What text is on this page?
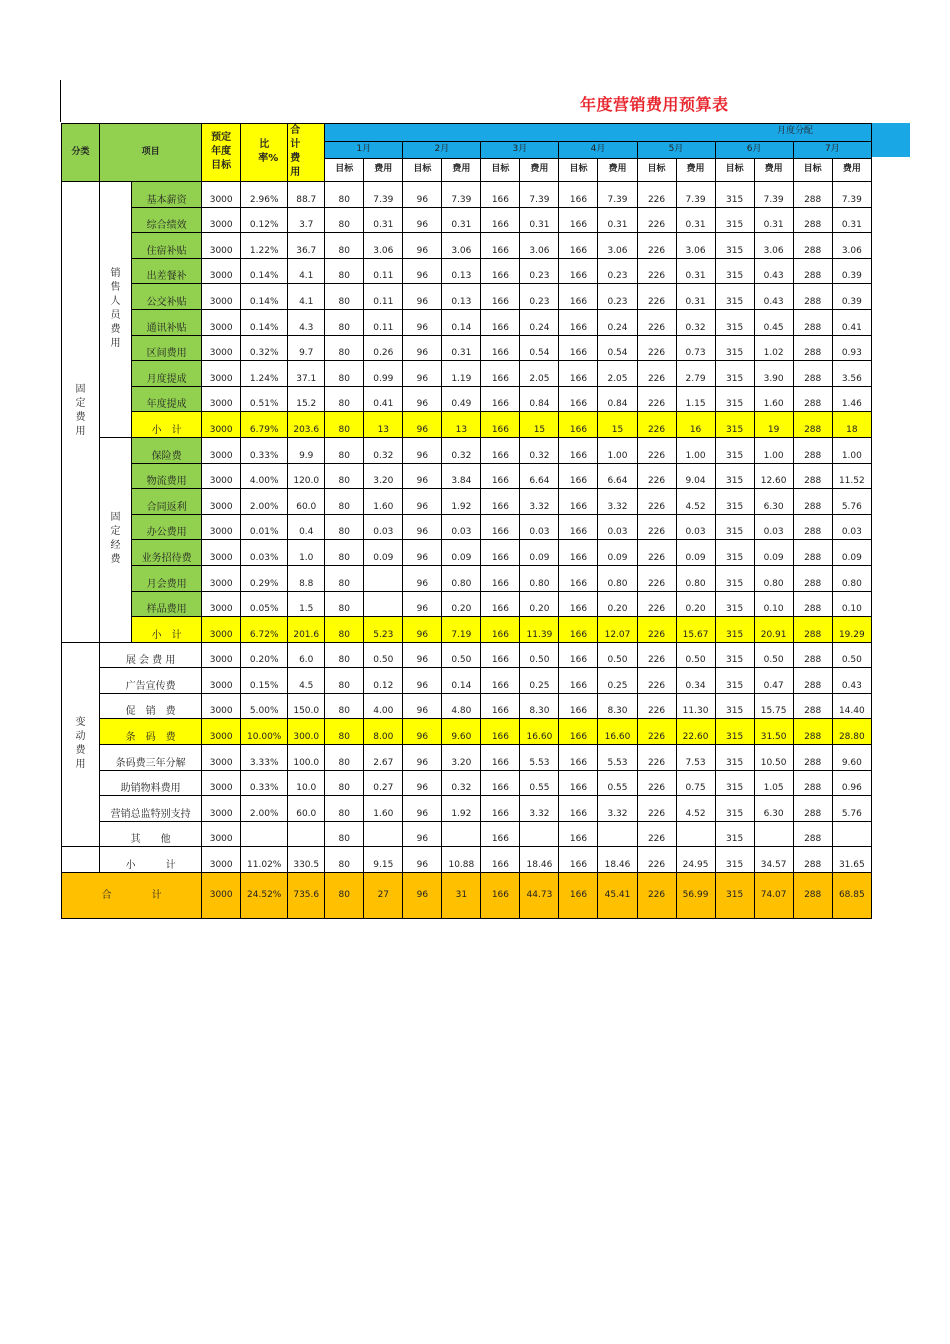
年度营销费用预算表
分类	项目		预定年度目标	比率%	合计费用	月度分配													
						1月		2月		3月		4月		5月		6月		7月	
						目标	费用	目标	费用	目标	费用	目标	费用	目标	费用	目标	费用	目标	费用

固定费用	销售人员费用	基本薪资	3000	2.96%	88.7	80	7.39	96	7.39	166	7.39	166	7.39	226	7.39	315	7.39	288	7.39
		综合绩效	3000	0.12%	3.7	80	0.31	96	0.31	166	0.31	166	0.31	226	0.31	315	0.31	288	0.31
		住宿补贴	3000	1.22%	36.7	80	3.06	96	3.06	166	3.06	166	3.06	226	3.06	315	3.06	288	3.06
		出差餐补	3000	0.14%	4.1	80	0.11	96	0.13	166	0.23	166	0.23	226	0.31	315	0.43	288	0.39
		公交补贴	3000	0.14%	4.1	80	0.11	96	0.13	166	0.23	166	0.23	226	0.31	315	0.43	288	0.39
		通讯补贴	3000	0.14%	4.3	80	0.11	96	0.14	166	0.24	166	0.24	226	0.32	315	0.45	288	0.41
		区间费用	3000	0.32%	9.7	80	0.26	96	0.31	166	0.54	166	0.54	226	0.73	315	1.02	288	0.93
		月度提成	3000	1.24%	37.1	80	0.99	96	1.19	166	2.05	166	2.05	226	2.79	315	3.90	288	3.56
		年度提成	3000	0.51%	15.2	80	0.41	96	0.49	166	0.84	166	0.84	226	1.15	315	1.60	288	1.46
		小　计	3000	6.79%	203.6	80	13	96	13	166	15	166	15	226	16	315	19	288	18

	固定经费	保险费	3000	0.33%	9.9	80	0.32	96	0.32	166	0.32	166	1.00	226	1.00	315	1.00	288	1.00
		物流费用	3000	4.00%	120.0	80	3.20	96	3.84	166	6.64	166	6.64	226	9.04	315	12.60	288	11.52
		合同返利	3000	2.00%	60.0	80	1.60	96	1.92	166	3.32	166	3.32	226	4.52	315	6.30	288	5.76
		办公费用	3000	0.01%	0.4	80	0.03	96	0.03	166	0.03	166	0.03	226	0.03	315	0.03	288	0.03
		业务招待费	3000	0.03%	1.0	80	0.09	96	0.09	166	0.09	166	0.09	226	0.09	315	0.09	288	0.09
		月会费用	3000	0.29%	8.8	80		96	0.80	166	0.80	166	0.80	226	0.80	315	0.80	288	0.80
		样品费用	3000	0.05%	1.5	80		96	0.20	166	0.20	166	0.20	226	0.20	315	0.10	288	0.10
		小　计	3000	6.72%	201.6	80	5.23	96	7.19	166	11.39	166	12.07	226	15.67	315	20.91	288	19.29

变动费用	展 会 费 用		3000	0.20%	6.0	80	0.50	96	0.50	166	0.50	166	0.50	226	0.50	315	0.50	288	0.50
	广告宣传费		3000	0.15%	4.5	80	0.12	96	0.14	166	0.25	166	0.25	226	0.34	315	0.47	288	0.43
	促　销　费		3000	5.00%	150.0	80	4.00	96	4.80	166	8.30	166	8.30	226	11.30	315	15.75	288	14.40
	条　码　费		3000	10.00%	300.0	80	8.00	96	9.60	166	16.60	166	16.60	226	22.60	315	31.50	288	28.80
	条码费三年分解		3000	3.33%	100.0	80	2.67	96	3.20	166	5.53	166	5.53	226	7.53	315	10.50	288	9.60
	助销物料费用		3000	0.33%	10.0	80	0.27	96	0.32	166	0.55	166	0.55	226	0.75	315	1.05	288	0.96
	营销总监特别支持		3000	2.00%	60.0	80	1.60	96	1.92	166	3.32	166	3.32	226	4.52	315	6.30	288	5.76
	其　　他		3000			80		96		166		166		226		315		288	
	小　　　计		3000	11.02%	330.5	80	9.15	96	10.88	166	18.46	166	18.46	226	24.95	315	34.57	288	31.65
合　　　　计			3000	24.52%	735.6	80	27	96	31	166	44.73	166	45.41	226	56.99	315	74.07	288	68.85
